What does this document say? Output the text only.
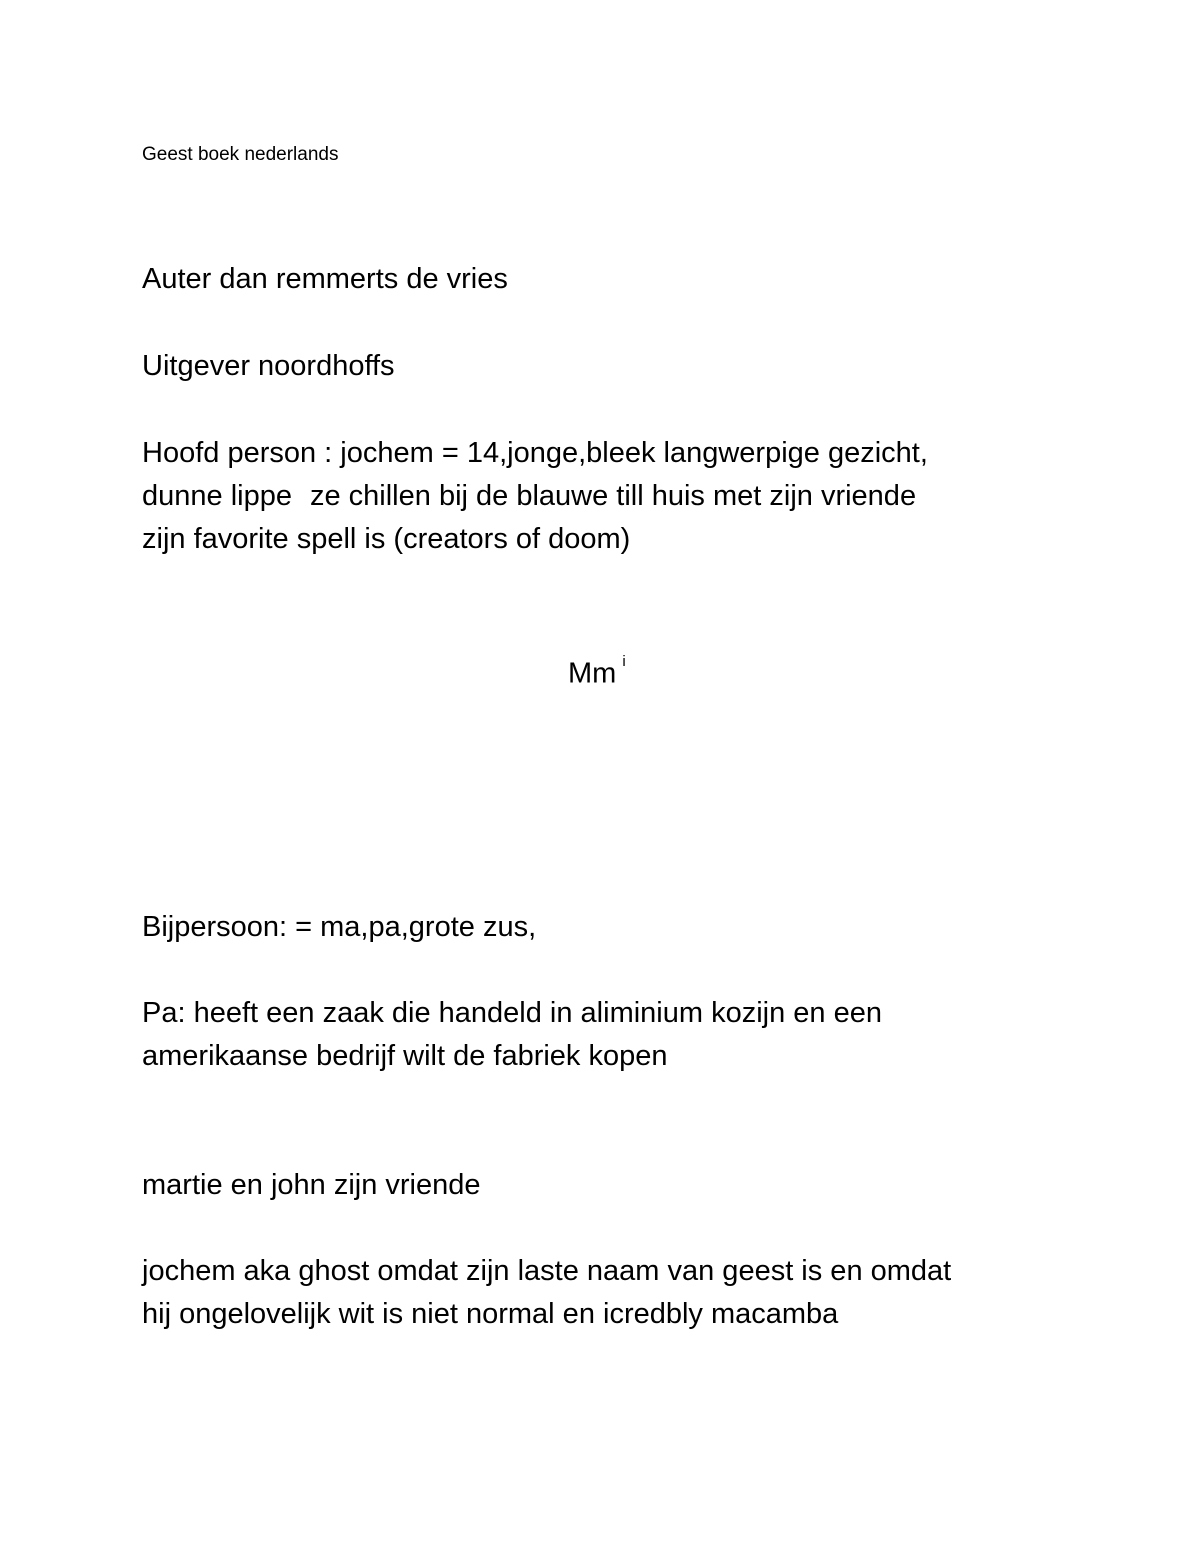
Geest boek nederlands

Auter dan remmerts de vries

Uitgever noordhoffs

Hoofd person : jochem = 14,jonge,bleek langwerpige gezicht,
dunne lippe ze chillen bij de blauwe till huis met zijn vriende
zijn favorite spell is (creators of doom)
Mm $^i$

Bijpersoon: = ma,pa,grote zus,

Pa: heeft een zaak die handeld in aliminium kozijn en een
amerikaanse bedrijf wilt de fabriek kopen

martie en john zijn vriende

jochem aka ghost omdat zijn laste naam van geest is en omdat
hij ongelovelijk wit is niet normal en icredbly macamba
